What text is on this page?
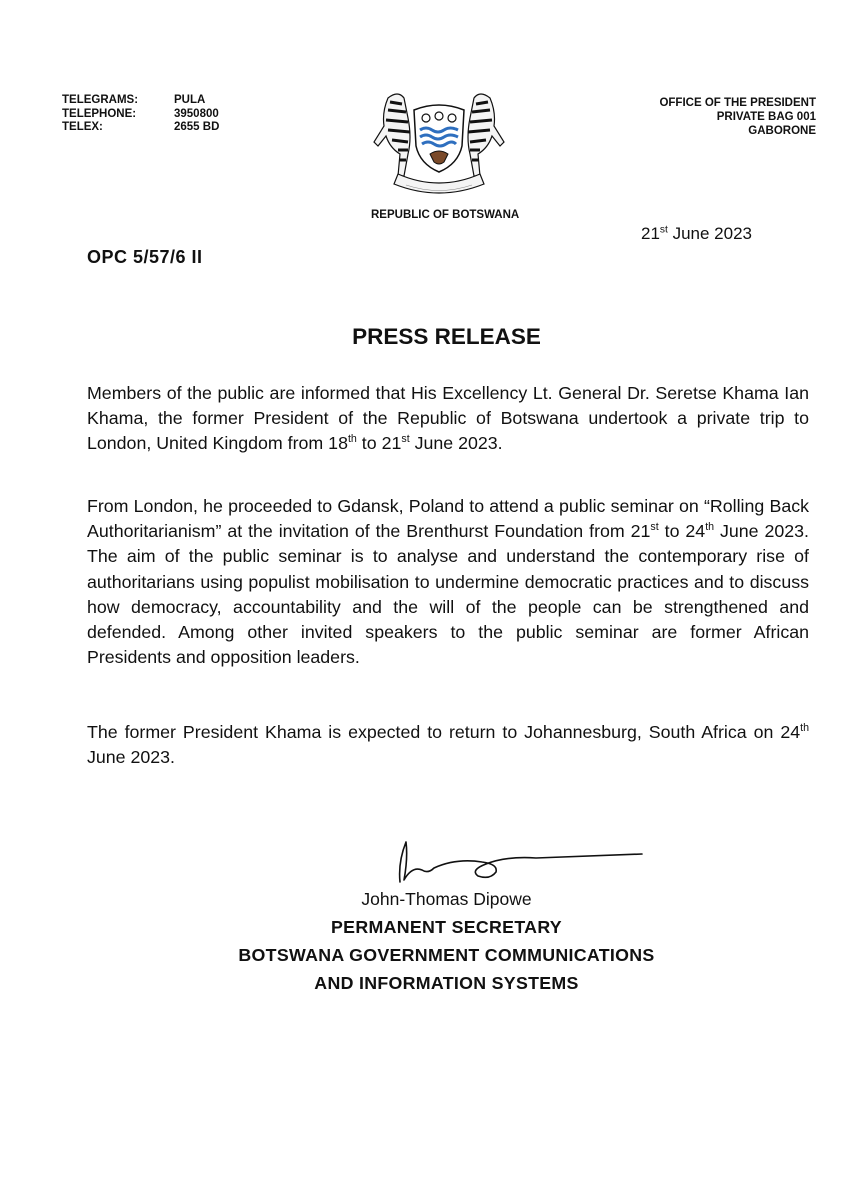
TELEGRAMS:	PULA
TELEPHONE:	3950800
TELEX:	2655 BD
REPUBLIC OF BOTSWANA
OFFICE OF THE PRESIDENT
PRIVATE BAG 001
GABORONE
21st June 2023
OPC 5/57/6 II
PRESS RELEASE

Members of the public are informed that His Excellency Lt. General Dr. Seretse Khama Ian Khama, the former President of the Republic of Botswana undertook a private trip to London, United Kingdom from 18th to 21st June 2023.

From London, he proceeded to Gdansk, Poland to attend a public seminar on “Rolling Back Authoritarianism” at the invitation of the Brenthurst Foundation from 21st to 24th June 2023. The aim of the public seminar is to analyse and understand the contemporary rise of authoritarians using populist mobilisation to undermine democratic practices and to discuss how democracy, accountability and the will of the people can be strengthened and defended. Among other invited speakers to the public seminar are former African Presidents and opposition leaders.

The former President Khama is expected to return to Johannesburg, South Africa on 24th June 2023.

John-Thomas Dipowe
PERMANENT SECRETARY
BOTSWANA GOVERNMENT COMMUNICATIONS
AND INFORMATION SYSTEMS
